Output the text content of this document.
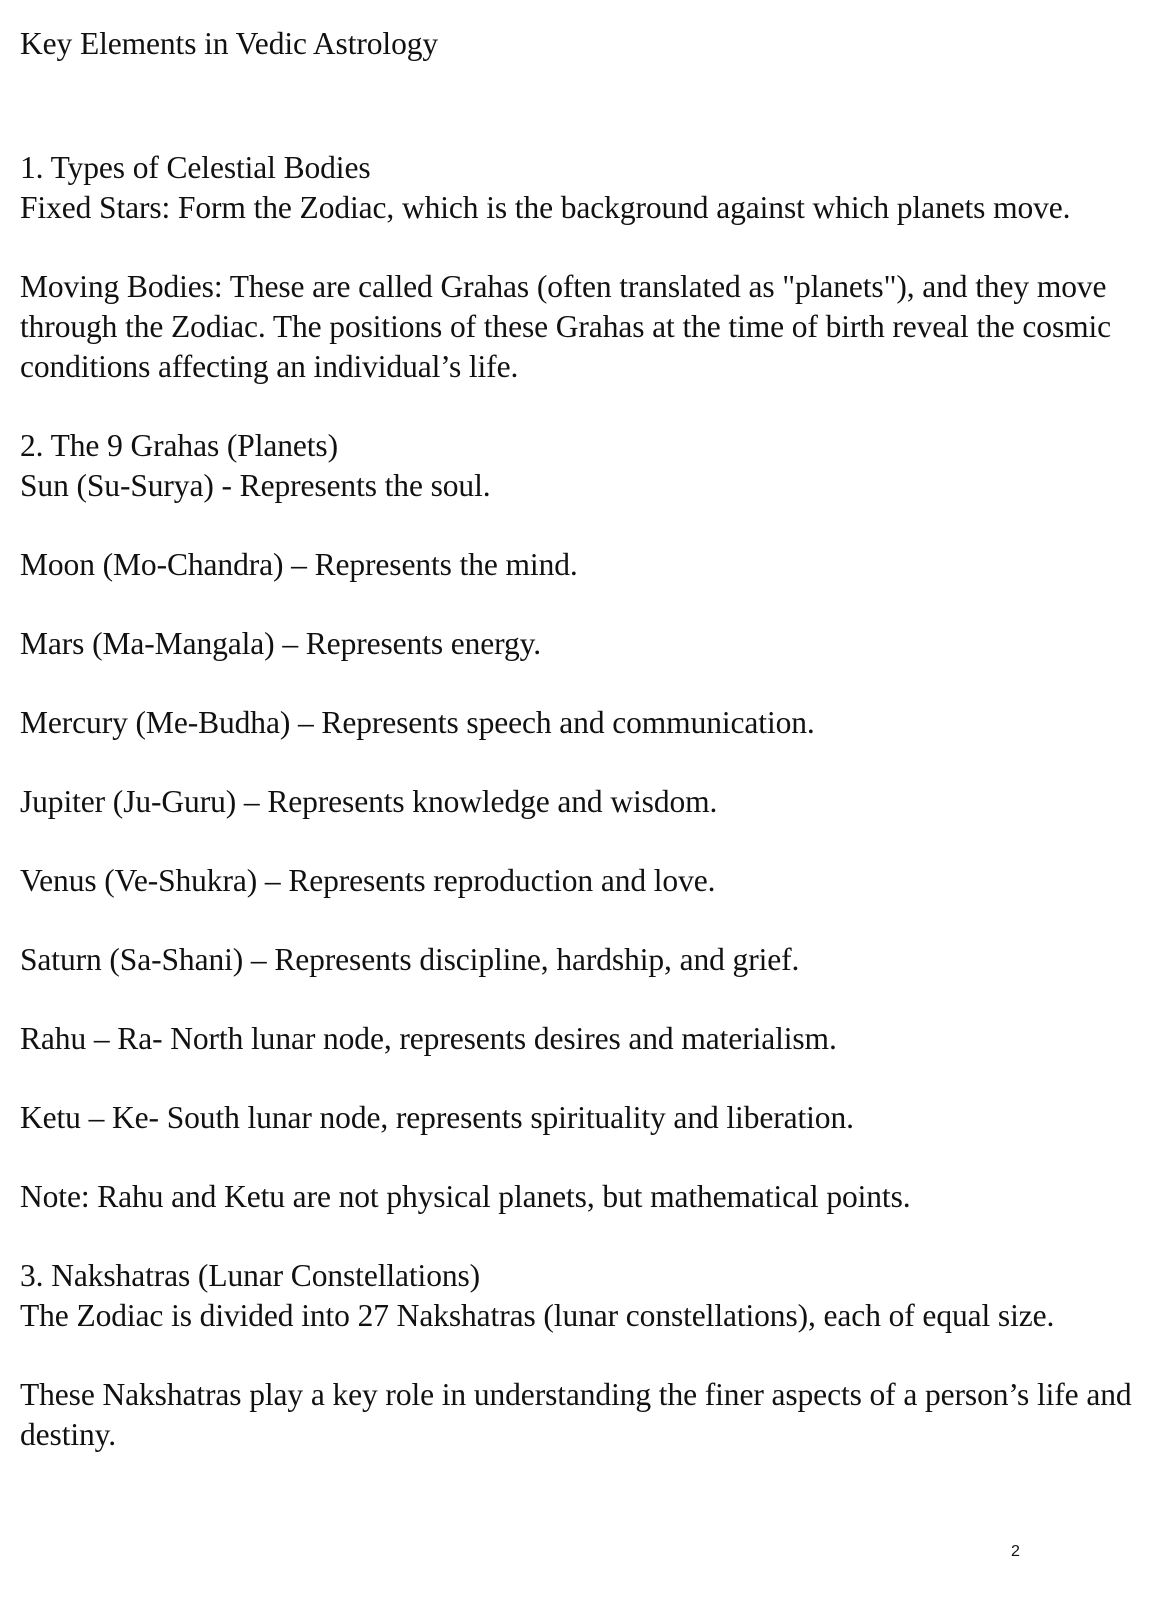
Key Elements in Vedic Astrology

1. Types of Celestial Bodies

Fixed Stars: Form the Zodiac, which is the background against which planets move.

Moving Bodies: These are called Grahas (often translated as "planets"), and they move through the Zodiac. The positions of these Grahas at the time of birth reveal the cosmic conditions affecting an individual’s life.

2. The 9 Grahas (Planets)

Sun (Su-Surya) - Represents the soul.

Moon (Mo-Chandra) – Represents the mind.

Mars (Ma-Mangala) – Represents energy.

Mercury (Me-Budha) – Represents speech and communication.

Jupiter (Ju-Guru) – Represents knowledge and wisdom.

Venus (Ve-Shukra) – Represents reproduction and love.

Saturn (Sa-Shani) – Represents discipline, hardship, and grief.

Rahu – Ra- North lunar node, represents desires and materialism.

Ketu – Ke- South lunar node, represents spirituality and liberation.

Note: Rahu and Ketu are not physical planets, but mathematical points.

3. Nakshatras (Lunar Constellations)

The Zodiac is divided into 27 Nakshatras (lunar constellations), each of equal size.

These Nakshatras play a key role in understanding the finer aspects of a person’s life and destiny.

2
